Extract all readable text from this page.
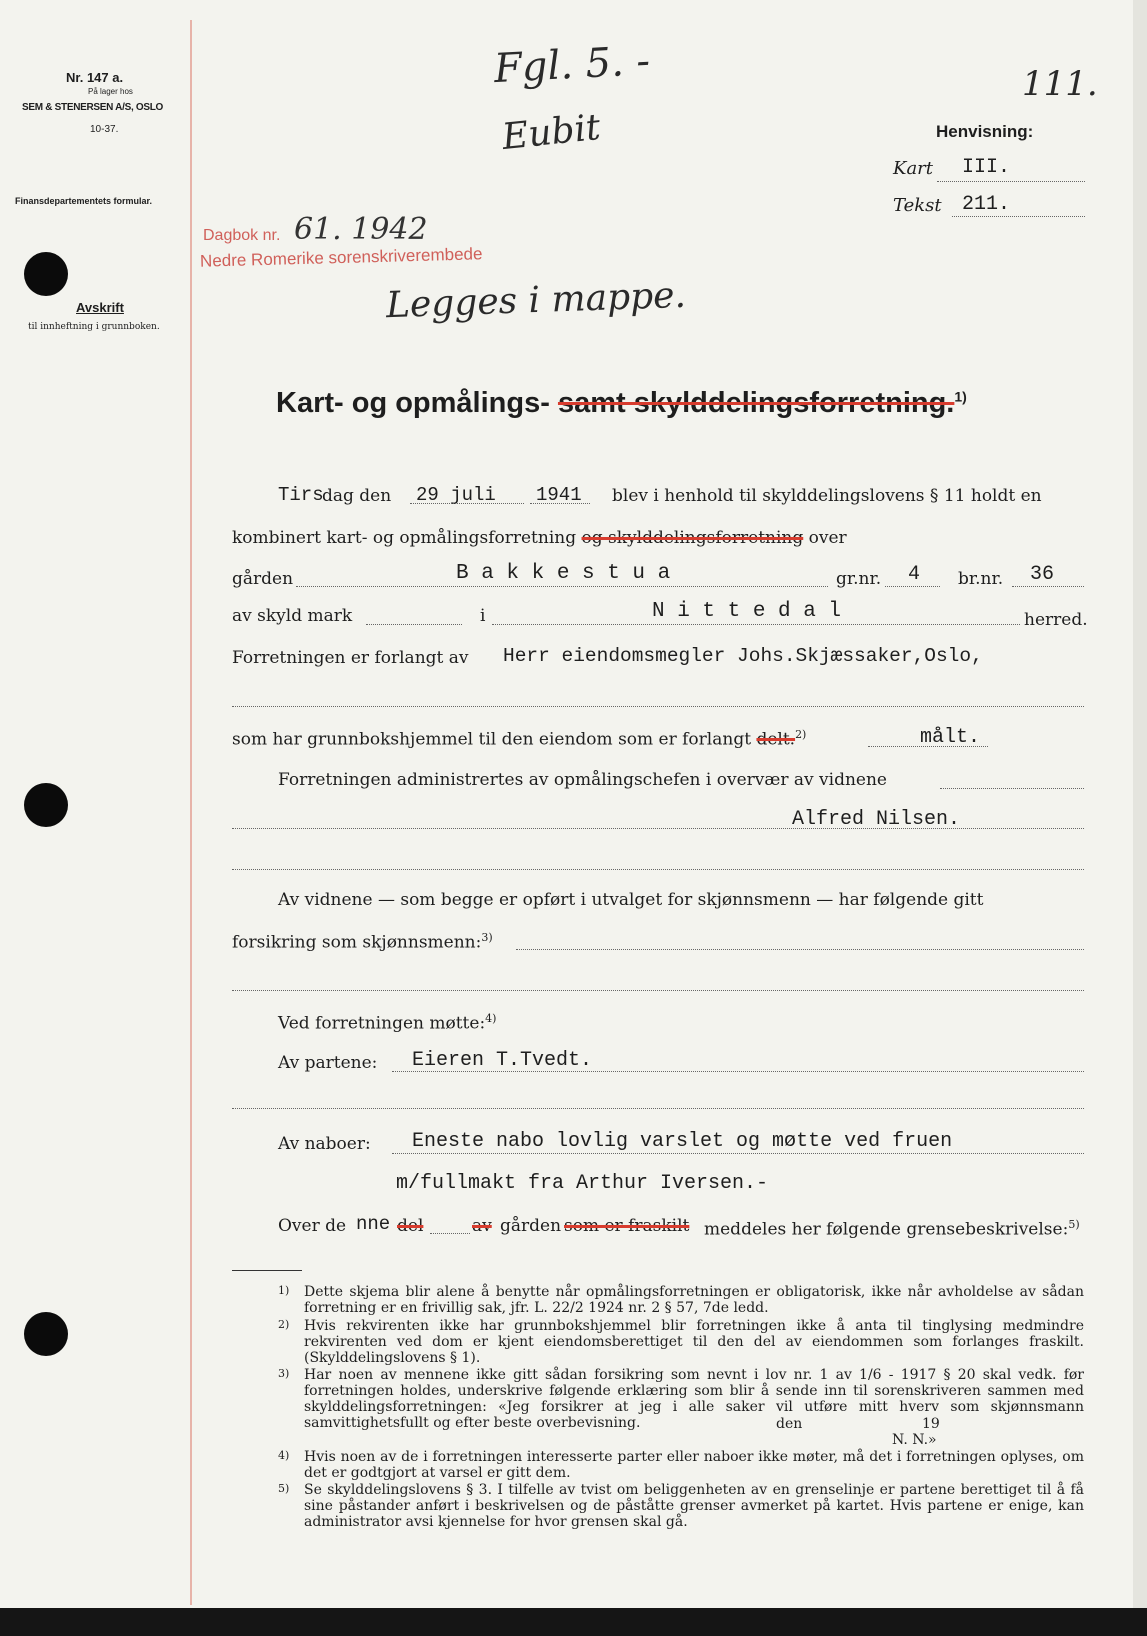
Nr. 147 a.
På lager hos
SEM & STENERSEN A/S, OSLO
10-37.
Finansdepartementets formular.
Avskrift
til innheftning i grunnboken.
Fgl. 5. -
Eubit
111.
Legges i mappe.
Dagbok nr. 61. 1942
Nedre Romerike sorenskriverembede
Henvisning:
Kart III.
Tekst 211.
Kart- og opmålings- samt skylddelingsforretning.$^{1)}$
Tirs
dag den 29 juli 1941 blev i henhold til skylddelingslovens § 11 holdt en
kombinert kart- og opmålingsforretning og skylddelingsforretning over
gården	B a k k e s t u a	gr.nr. 4 br.nr. 36
av skyld mark	i	N i t t e d a l	herred.
Forretningen er forlangt av Herr eiendomsmegler Johs.Skjæssaker,Oslo,
som har grunnbokshjemmel til den eiendom som er forlangt delt.$^{2)}$	målt.
Forretningen administrertes av opmålingschefen i overvær av vidnene
Alfred Nilsen.
Av vidnene — som begge er opført i utvalget for skjønnsmenn — har følgende gitt
forsikring som skjønnsmenn:$^{3)}$
Ved forretningen møtte:$^{4)}$
Av partene: Eieren T.Tvedt.
Av naboer: Eneste nabo lovlig varslet og møtte ved fruen
m/fullmakt fra Arthur Iversen.-
Over de nne del	av gården som er fraskilt meddeles her følgende grensebeskrivelse:$^{5)}$
1) Dette skjema blir alene å benytte når opmålingsforretningen er obligatorisk, ikke når avholdelse av sådan forretning er en frivillig sak, jfr. L. 22/2 1924 nr. 2 § 57, 7de ledd.
2) Hvis rekvirenten ikke har grunnbokshjemmel blir forretningen ikke å anta til tinglysing medmindre rekvirenten ved dom er kjent eiendomsberettiget til den del av eiendommen som forlanges fraskilt. (Skylddelingslovens § 1).
3) Har noen av mennene ikke gitt sådan forsikring som nevnt i lov nr. 1 av 1/6 - 1917 § 20 skal vedk. før forretningen holdes, underskrive følgende erklæring som blir å sende inn til sorenskriveren sammen med skylddelingsforretningen: «Jeg forsikrer at jeg i alle saker vil utføre mitt hverv som skjønnsmann samvittighetsfullt og efter beste overbevisning.	den	19
N. N.»
4) Hvis noen av de i forretningen interesserte parter eller naboer ikke møter, må det i forretningen oplyses, om det er godtgjort at varsel er gitt dem.
5) Se skylddelingslovens § 3. I tilfelle av tvist om beliggenheten av en grenselinje er partene berettiget til å få sine påstander anført i beskrivelsen og de påståtte grenser avmerket på kartet. Hvis partene er enige, kan administrator avsi kjennelse for hvor grensen skal gå.
